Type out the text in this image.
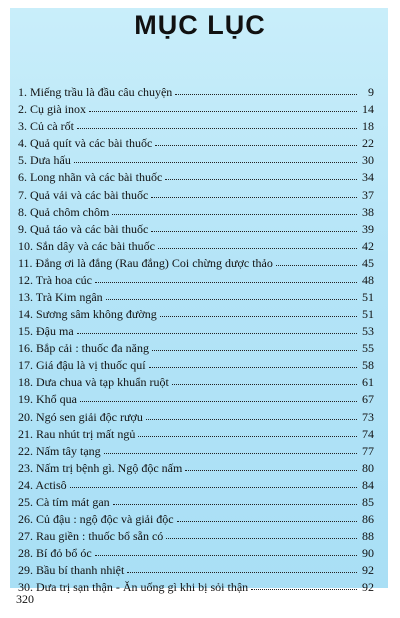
MỤC LỤC
1. Miếng trầu là đầu câu chuyện	9
2. Cụ già inox	14
3. Củ cà rốt	18
4. Quả quít và các bài thuốc	22
5. Dưa hấu	30
6. Long nhãn và các bài thuốc	34
7. Quả vải và các bài thuốc	37
8. Quả chôm chôm	38
9. Quả táo và các bài thuốc	39
10. Sắn dây và các bài thuốc	42
11. Đắng ơi là đắng (Rau đắng) Coi chừng dược thảo	45
12. Trà hoa cúc	48
13. Trà Kim ngân	51
14. Sương sâm không đường	51
15. Đậu ma	53
16. Bắp cải : thuốc đa năng	55
17. Giá đậu là vị thuốc quí	58
18. Dưa chua và tạp khuẩn ruột	61
19. Khổ qua	67
20. Ngó sen giải độc rượu	73
21. Rau nhút trị mất ngủ	74
22. Nấm tây tạng	77
23. Nấm trị bệnh gì. Ngộ độc nấm	80
24. Actisô	84
25. Cà tím mát gan	85
26. Củ đậu : ngộ độc và giải độc	86
27. Rau giền : thuốc bổ sẵn có	88
28. Bí đỏ bổ óc	90
29. Bầu bí thanh nhiệt	92
30. Dưa trị sạn thận - Ăn uống gì khi bị sỏi thận	92
320
